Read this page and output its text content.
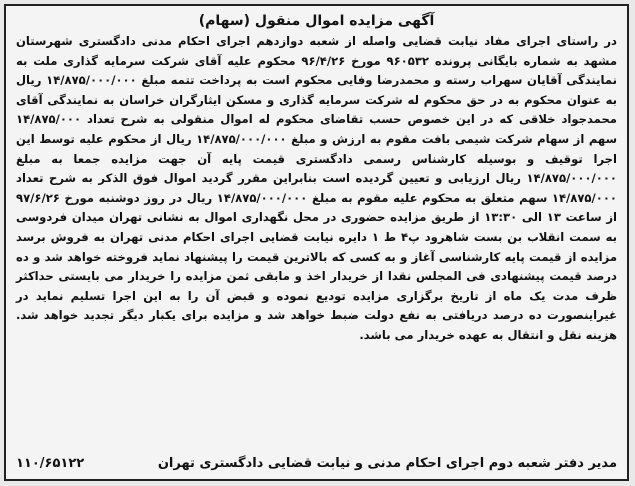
آگهی مزایده اموال منقول (سهام)

در راستای اجرای مفاد نیابت قضایی واصله از شعبه دوازدهم اجرای احکام مدنی دادگستری شهرستان مشهد به شماره بایگانی پرونده ۹۶۰۵۳۲ مورخ ۹۶/۴/۲۶ محکوم علیه آقای شرکت سرمایه گذاری ملت به نمایندگی آقایان سهراب رسته و محمدرضا وفایی محکوم است به پرداخت تتمه مبلغ ۱۴/۸۷۵/۰۰۰/۰۰۰ ریال به عنوان محکوم به در حق محکوم له شرکت سرمایه گذاری و مسکن ایثارگران خراسان به نمایندگی آقای محمدجواد خلاقی که در این خصوص حسب تقاضای محکوم له اموال منقولی به شرح تعداد ۱۴/۸۷۵/۰۰۰ سهم از سهام شرکت شیمی بافت مقوم به ارزش و مبلغ ۱۴/۸۷۵/۰۰۰/۰۰۰ ریال از محکوم علیه توسط این اجرا توقیف و بوسیله کارشناس رسمی دادگستری قیمت پایه آن جهت مزایده جمعا به مبلغ ۱۴/۸۷۵/۰۰۰/۰۰۰ ریال ارزیابی و تعیین گردیده است بنابراین مقرر گردید اموال فوق الذکر به شرح تعداد ۱۴/۸۷۵/۰۰۰ سهم متعلق به محکوم علیه مقوم به مبلغ ۱۴/۸۷۵/۰۰۰/۰۰۰ ریال در روز دوشنبه مورخ ۹۷/۶/۲۶ از ساعت ۱۳ الی ۱۳:۳۰ از طریق مزایده حضوری در محل نگهداری اموال به نشانی تهران میدان فردوسی به سمت انقلاب بن بست شاهرود پ۴ ط ۱ دایره نیابت قضایی اجرای احکام مدنی تهران به فروش برسد مزایده از قیمت پایه کارشناسی آغاز و به کسی که بالاترین قیمت را پیشنهاد نماید فروخته خواهد شد و ده درصد قیمت پیشنهادی فی المجلس نقدا از خریدار اخذ و مابقی ثمن مزایده را خریدار می بایستی حداکثر ظرف مدت یک ماه از تاریخ برگزاری مزایده تودیع نموده و قبض آن را به این اجرا تسلیم نماید در غیراینصورت ده درصد دریافتی به نفع دولت ضبط خواهد شد و مزایده برای یکبار دیگر تجدید خواهد شد. هزینه نقل و انتقال به عهده خریدار می باشد.

مدیر دفتر شعبه دوم اجرای احکام مدنی و نیابت قضایی دادگستری تهران
۱۱۰/۶۵۱۲۲
